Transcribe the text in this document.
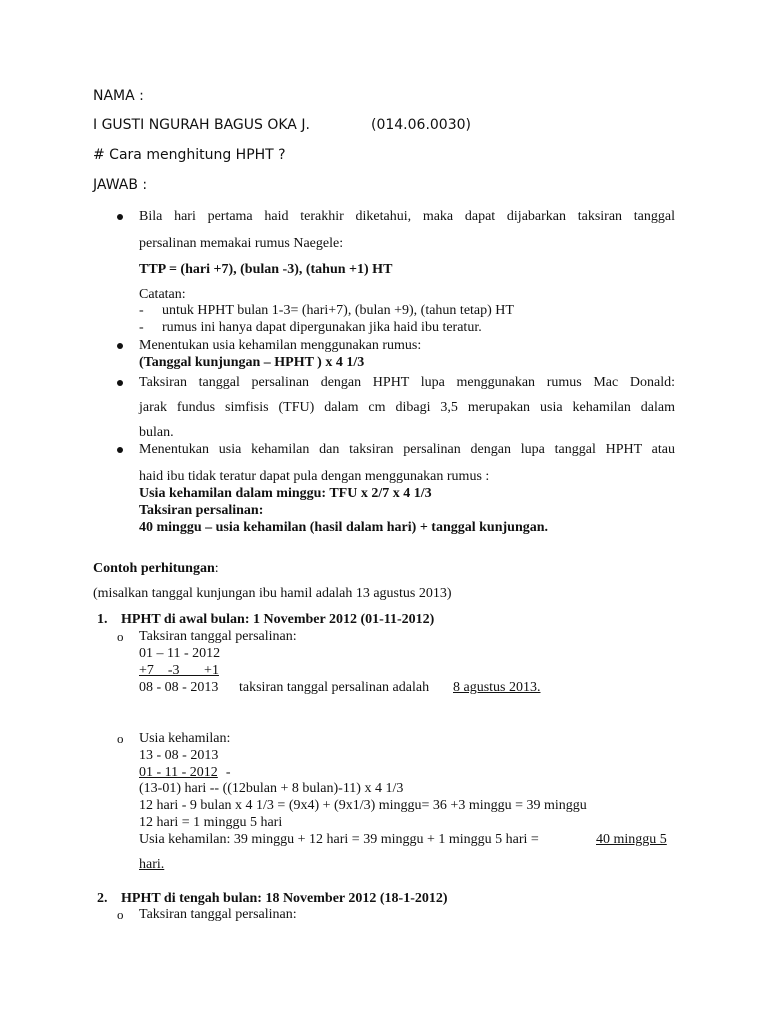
NAMA :
I GUSTI NGURAH BAGUS OKA J.	(014.06.0030)
# Cara menghitung HPHT ?
JAWAB :
Bila hari pertama haid terakhir diketahui, maka dapat dijabarkan taksiran tanggal
persalinan memakai rumus Naegele:
TTP = (hari +7), (bulan -3), (tahun +1) HT
Catatan:
- untuk HPHT bulan 1-3= (hari+7), (bulan +9), (tahun tetap) HT
- rumus ini hanya dapat dipergunakan jika haid ibu teratur.
Menentukan usia kehamilan menggunakan rumus:
(Tanggal kunjungan – HPHT ) x 4 1/3
Taksiran tanggal persalinan dengan HPHT lupa menggunakan rumus Mac Donald:
jarak fundus simfisis (TFU) dalam cm dibagi 3,5 merupakan usia kehamilan dalam
bulan.
Menentukan usia kehamilan dan taksiran persalinan dengan lupa tanggal HPHT atau
haid ibu tidak teratur dapat pula dengan menggunakan rumus :
Usia kehamilan dalam minggu: TFU x 2/7 x 4 1/3
Taksiran persalinan:
40 minggu – usia kehamilan (hasil dalam hari) + tanggal kunjungan.
Contoh perhitungan:
(misalkan tanggal kunjungan ibu hamil adalah 13 agustus 2013)
1. HPHT di awal bulan: 1 November 2012 (01-11-2012)
o Taksiran tanggal persalinan:
01 – 11 - 2012
+7    -3       +1
08 - 08 - 2013 taksiran tanggal persalinan adalah 8 agustus 2013.
o Usia kehamilan:
13 - 08 - 2013
01 - 11 - 2012 -
(13-01) hari -- ((12bulan + 8 bulan)-11) x 4 1/3
12 hari - 9 bulan x 4 1/3 = (9x4) + (9x1/3) minggu= 36 +3 minggu = 39 minggu
12 hari = 1 minggu 5 hari
Usia kehamilan: 39 minggu + 12 hari = 39 minggu + 1 minggu 5 hari =	40 minggu 5
hari.
2. HPHT di tengah bulan: 18 November 2012 (18-1-2012)
o Taksiran tanggal persalinan:
